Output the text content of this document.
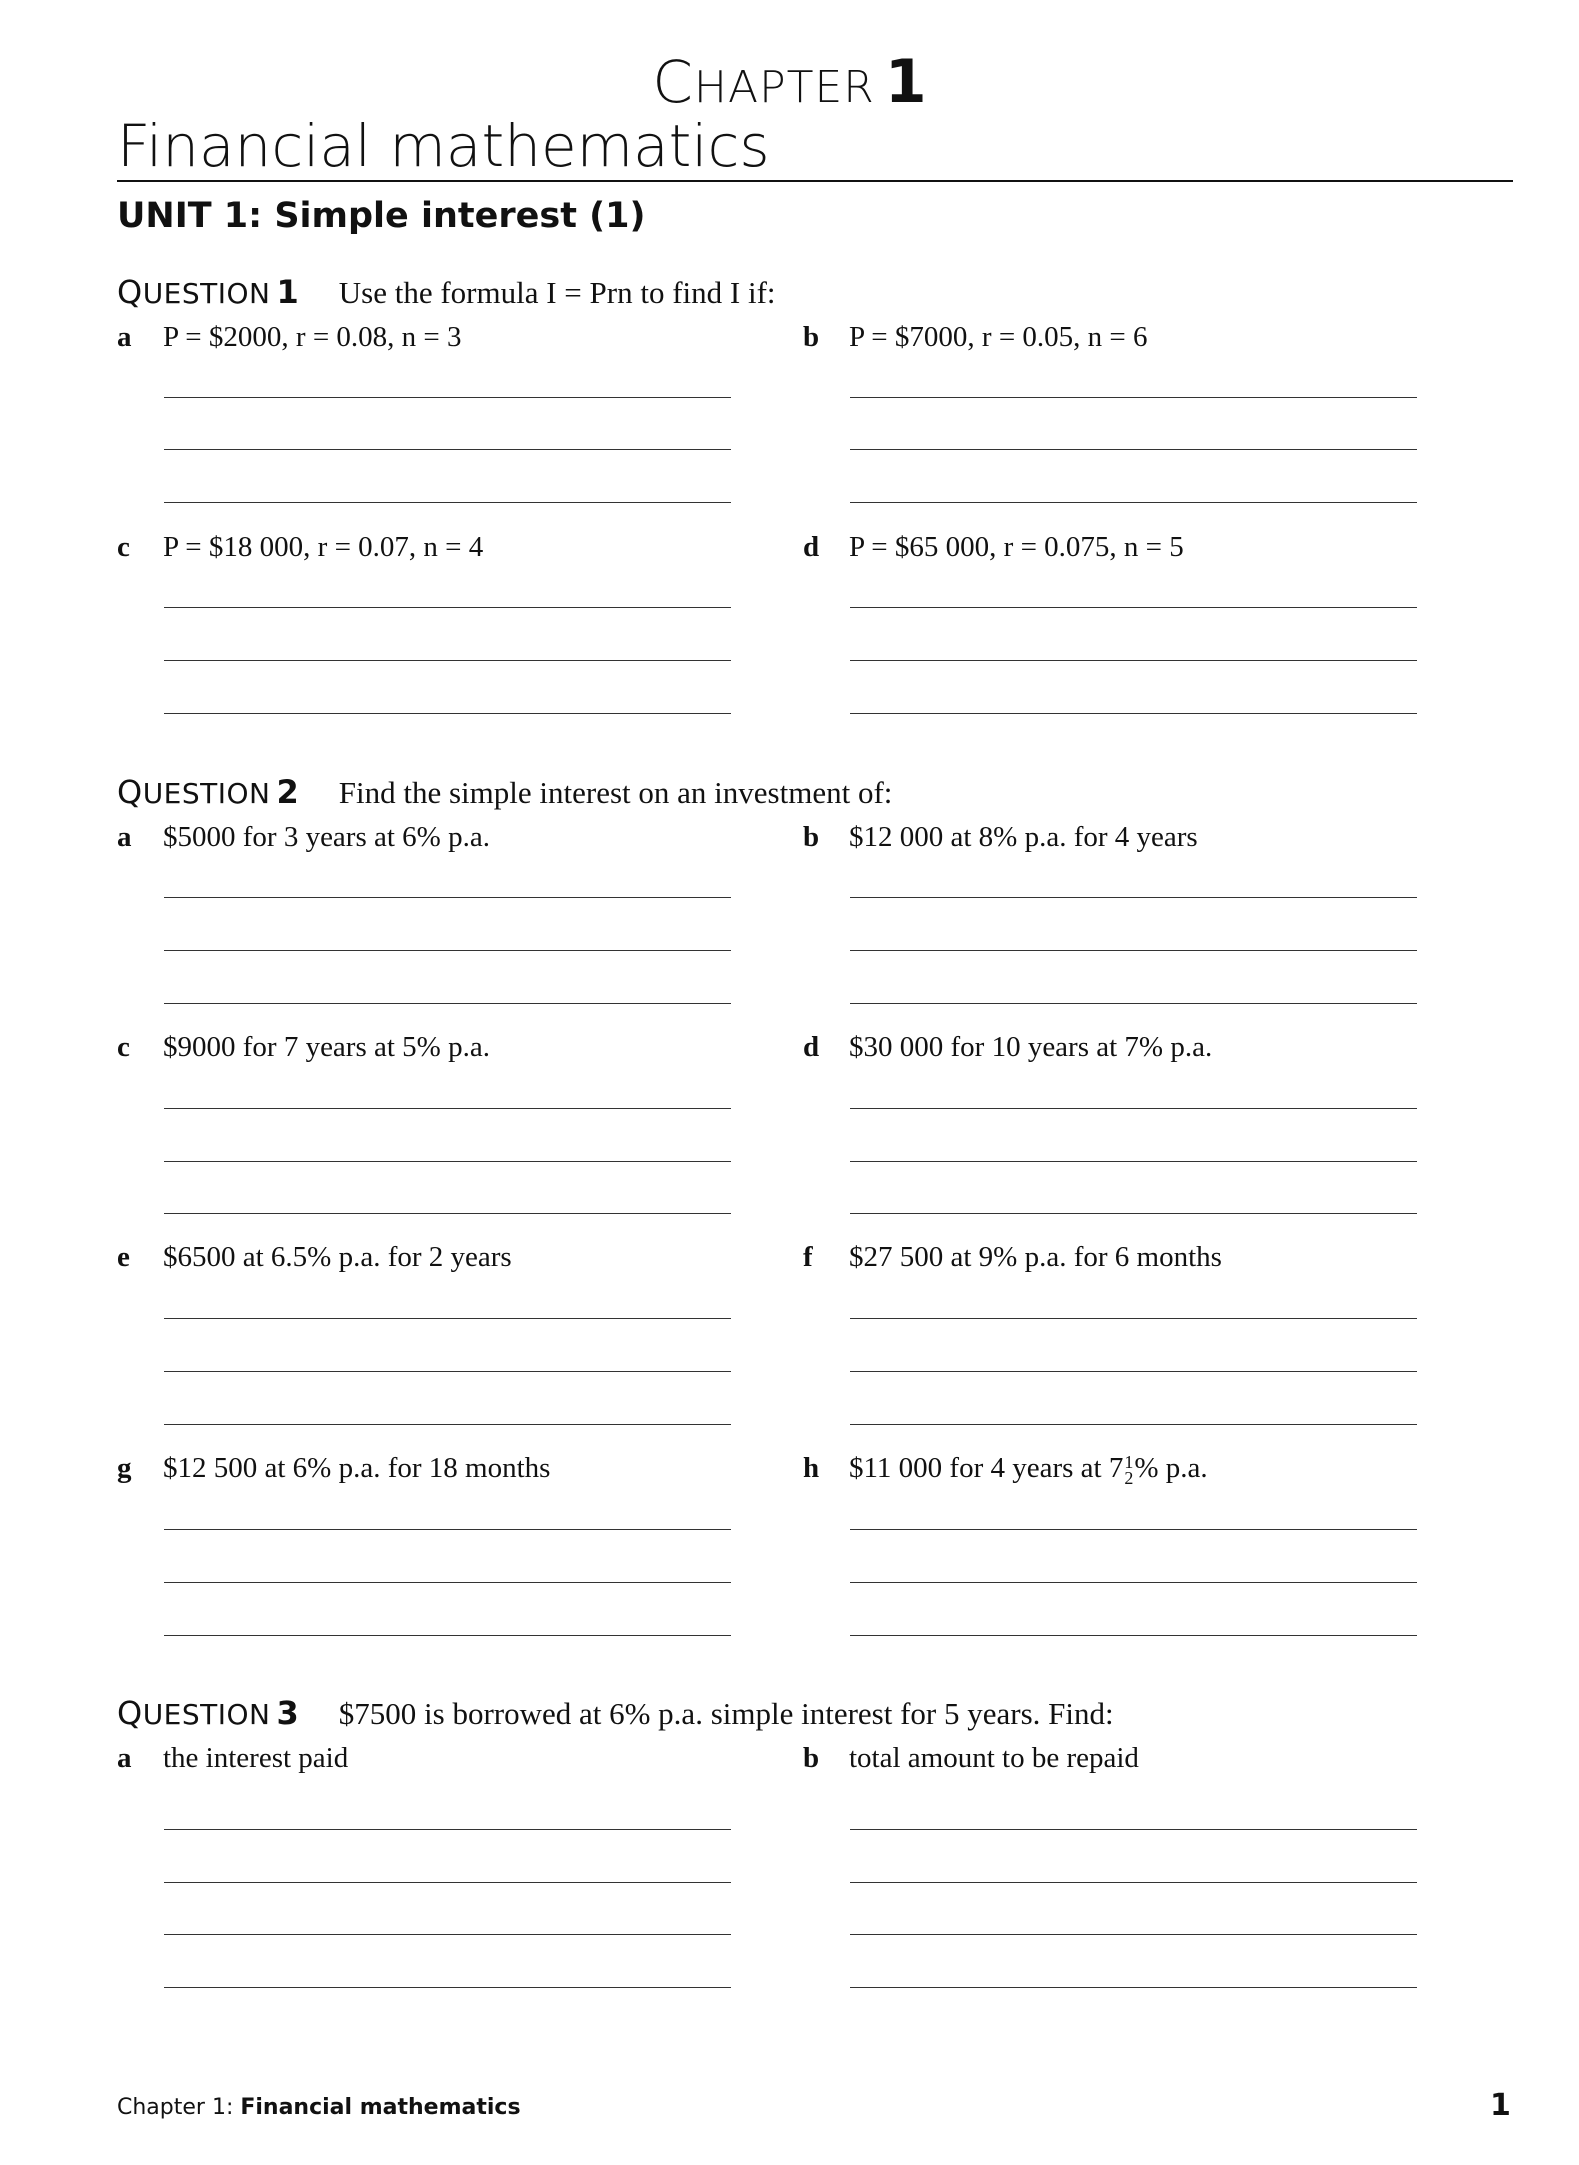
CHAPTER 1
Financial mathematics
UNIT 1: Simple interest (1)
QUESTION 1 Use the formula I = Prn to find I if:
a P = $2000, r = 0.08, n = 3	b P = $7000, r = 0.05, n = 6
c P = $18 000, r = 0.07, n = 4	d P = $65 000, r = 0.075, n = 5
QUESTION 2 Find the simple interest on an investment of:
a $5000 for 3 years at 6% p.a.	b $12 000 at 8% p.a. for 4 years
c $9000 for 7 years at 5% p.a.	d $30 000 for 10 years at 7% p.a.
e $6500 at 6.5% p.a. for 2 years	f $27 500 at 9% p.a. for 6 months
g $12 500 at 6% p.a. for 18 months	h $11 000 for 4 years at 7 1
2 % p.a.
QUESTION 3 $7500 is borrowed at 6% p.a. simple interest for 5 years. Find:
a the interest paid	b total amount to be repaid
Chapter 1: Financial mathematics	1
